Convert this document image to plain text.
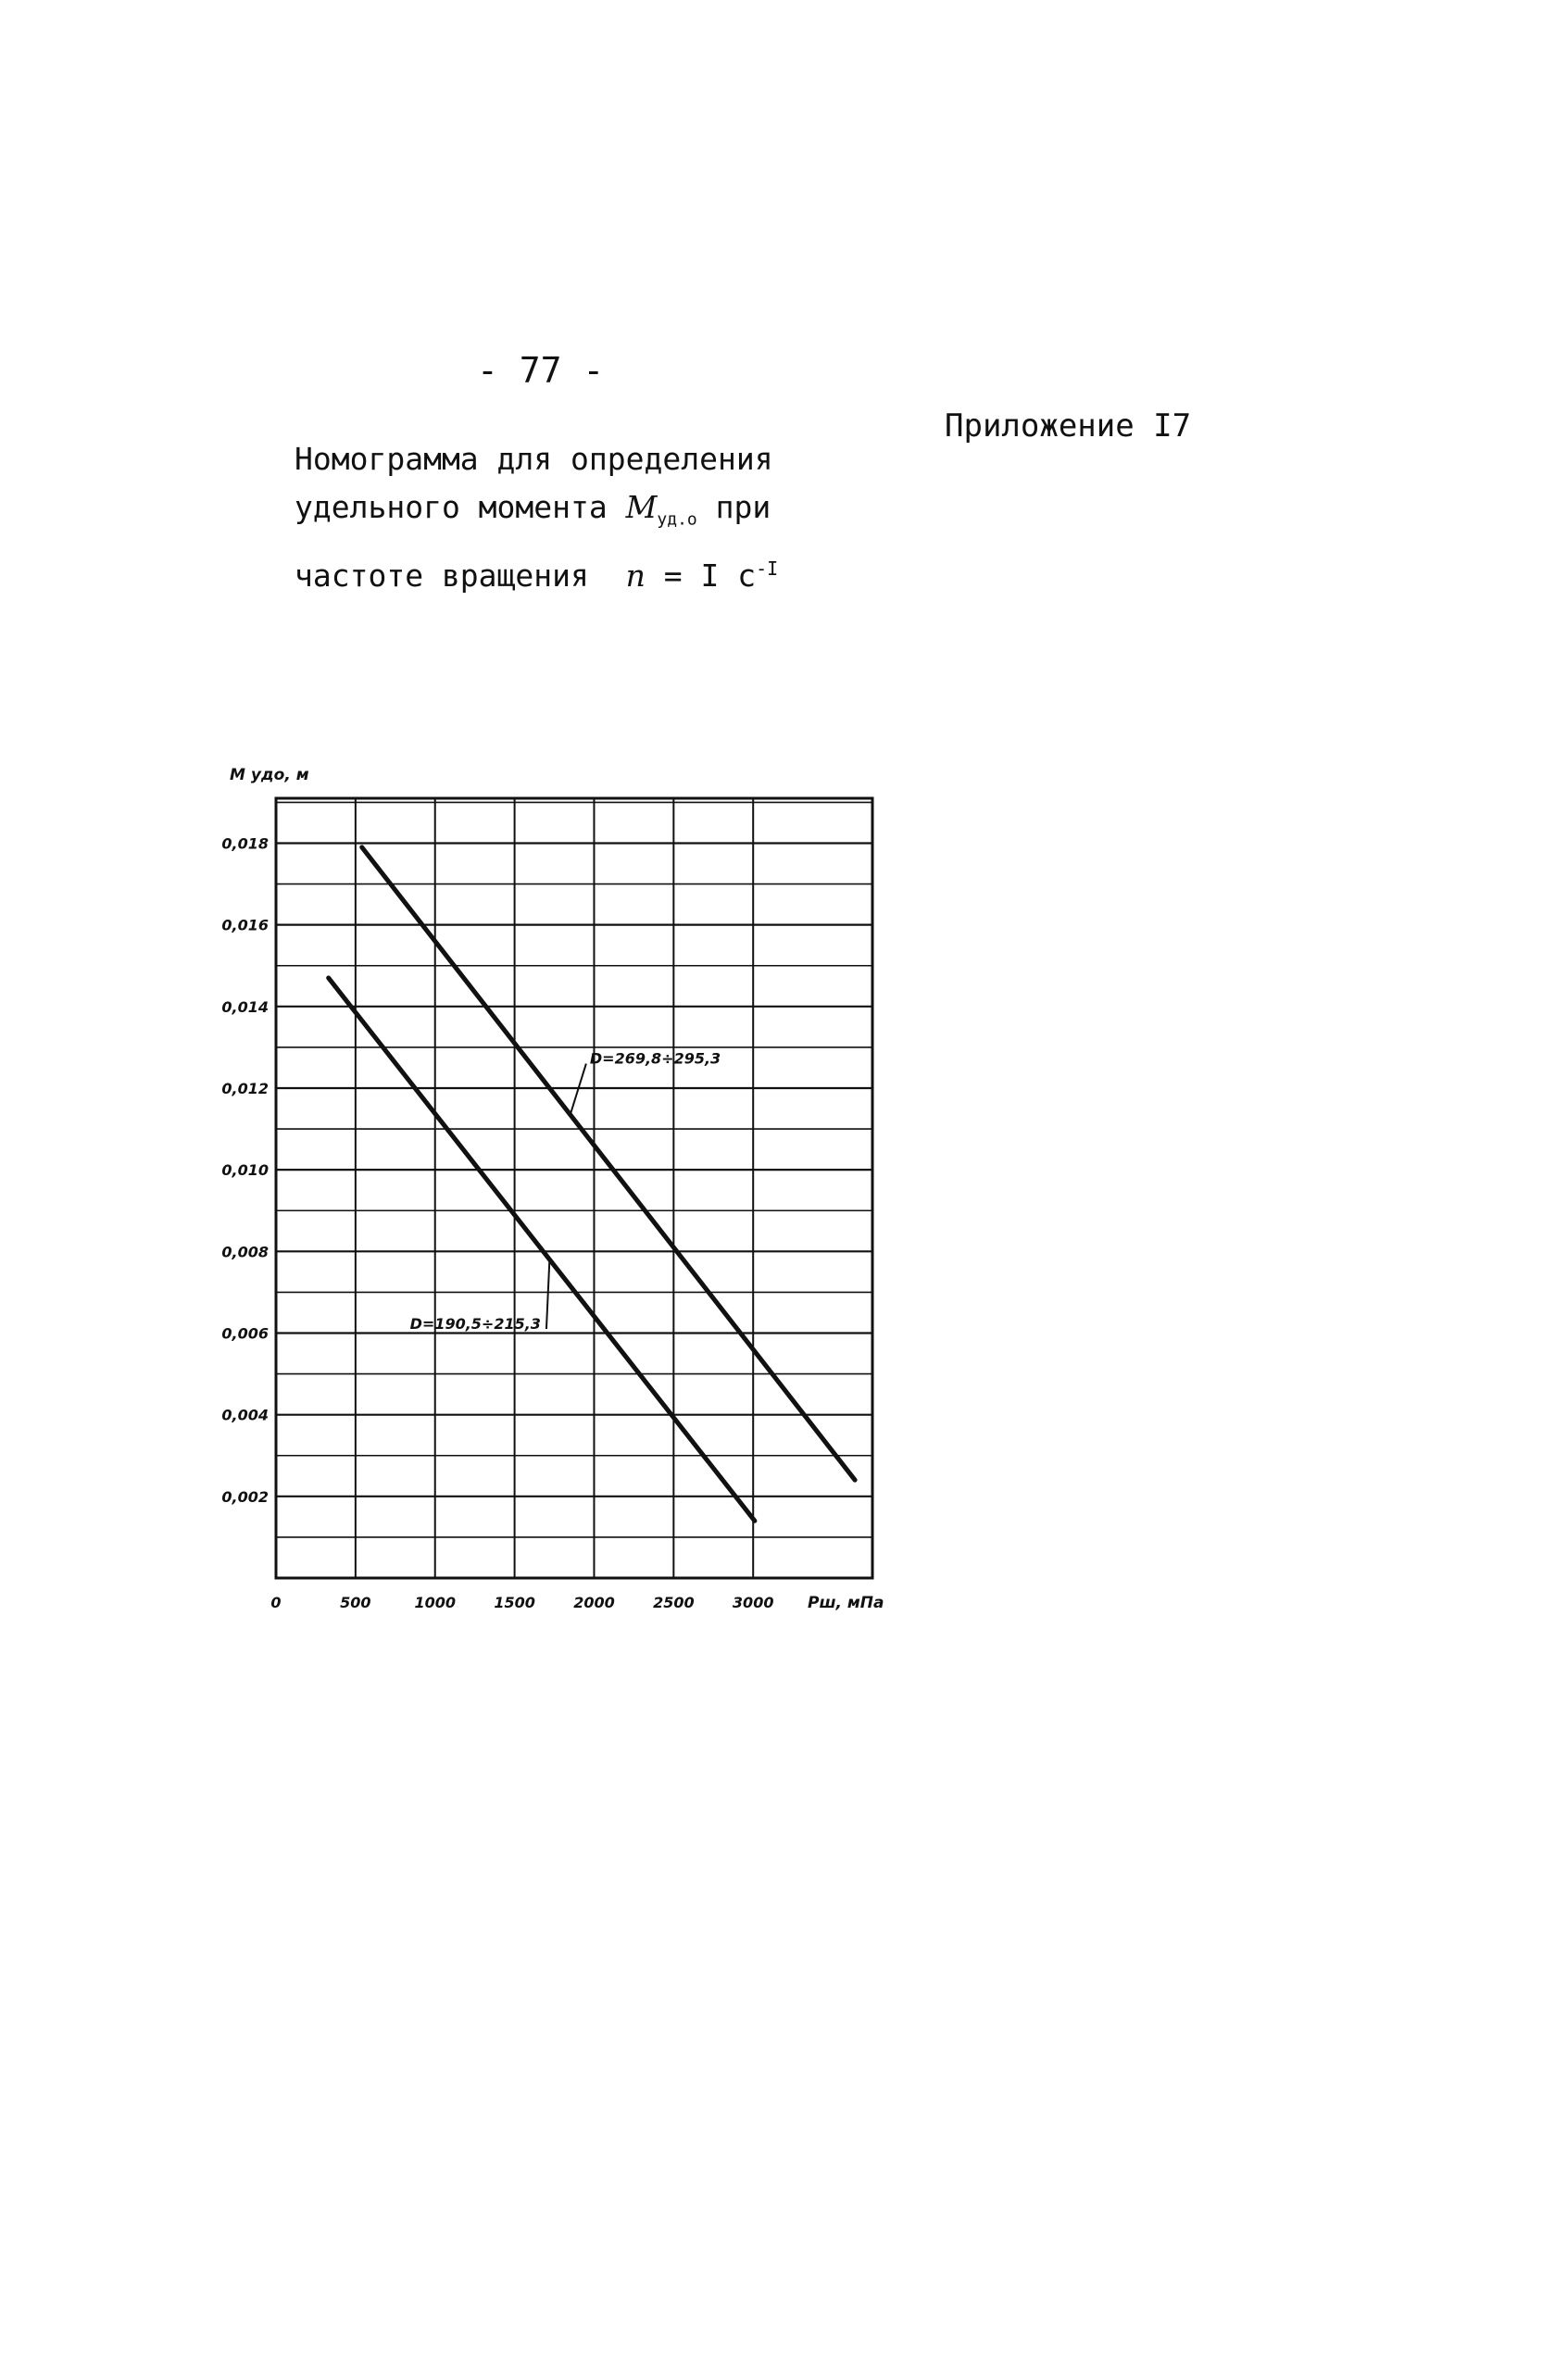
- 77 -
Приложение I7
Номограмма для определения
удельного момента $M_{уд.о}$ при
частоте вращения  n = I $с^{-I}$
0	500	1000	1500	2000	2500	3000
0,002
0,004
0,006
0,008
0,010
0,012
0,014
0,016
0,018
M удо, м
Pш, мПа
D=269,8÷295,3
D=190,5÷215,3
